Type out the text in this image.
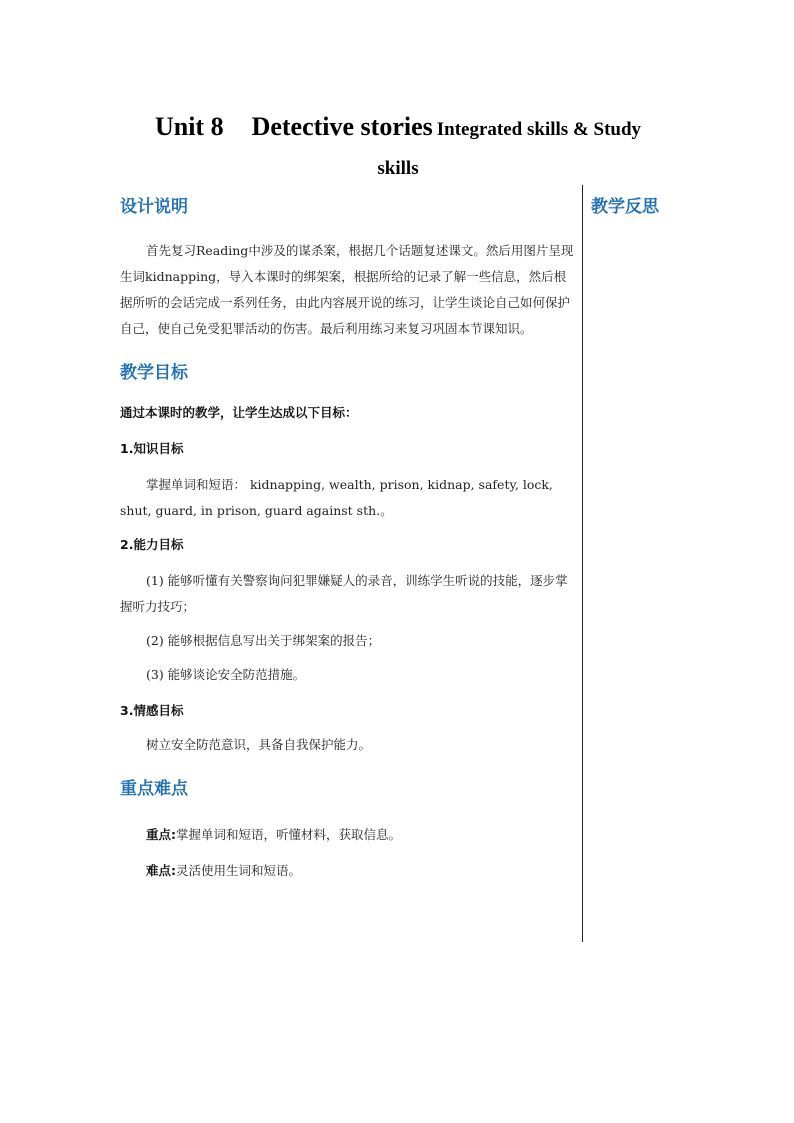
Unit 8 Detective stories Integrated skills & Study
skills
设计说明

首先复习Reading中涉及的谋杀案，根据几个话题复述课文。然后用图片呈现生词kidnapping，导入本课时的绑架案，根据所给的记录了解一些信息，然后根据所听的会话完成一系列任务，由此内容展开说的练习，让学生谈论自己如何保护自己，使自己免受犯罪活动的伤害。最后利用练习来复习巩固本节课知识。

教学目标
通过本课时的教学，让学生达成以下目标：
1.知识目标

掌握单词和短语： kidnapping, wealth, prison, kidnap, safety, lock, shut, guard, in prison, guard against sth.。

2.能力目标

(1) 能够听懂有关警察询问犯罪嫌疑人的录音，训练学生听说的技能，逐步掌握听力技巧；

(2) 能够根据信息写出关于绑架案的报告；
(3) 能够谈论安全防范措施。
3.情感目标
树立安全防范意识，具备自我保护能力。
重点难点
重点:掌握单词和短语，听懂材料，获取信息。
难点:灵活使用生词和短语。
教学反思
